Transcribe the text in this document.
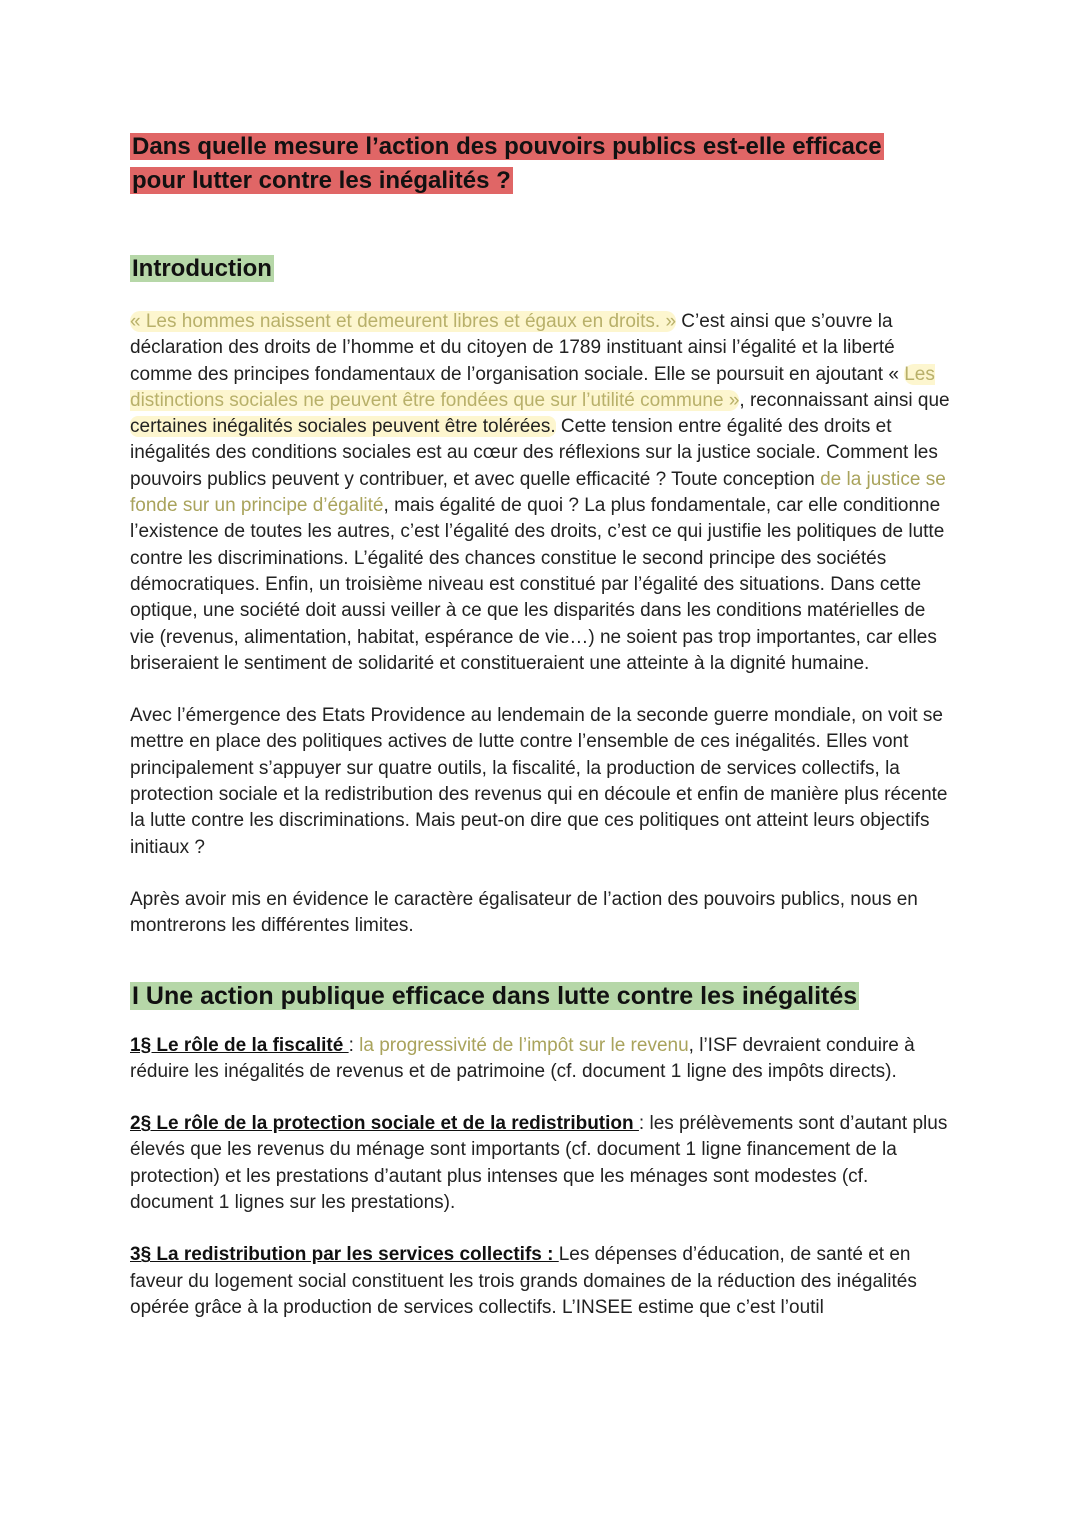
Dans quelle mesure l’action des pouvoirs publics est-elle efficace
pour lutter contre les inégalités ?
Introduction

« Les hommes naissent et demeurent libres et égaux en droits. » C’est ainsi que s’ouvre la déclaration des droits de l’homme et du citoyen de 1789 instituant ainsi l’égalité et la liberté comme des principes fondamentaux de l’organisation sociale. Elle se poursuit en ajoutant « Les distinctions sociales ne peuvent être fondées que sur l’utilité commune », reconnaissant ainsi que certaines inégalités sociales peuvent être tolérées. Cette tension entre égalité des droits et inégalités des conditions sociales est au cœur des réflexions sur la justice sociale. Comment les pouvoirs publics peuvent y contribuer, et avec quelle efficacité ? Toute conception de la justice se fonde sur un principe d’égalité, mais égalité de quoi ? La plus fondamentale, car elle conditionne l’existence de toutes les autres, c’est l’égalité des droits, c’est ce qui justifie les politiques de lutte contre les discriminations. L’égalité des chances constitue le second principe des sociétés démocratiques. Enfin, un troisième niveau est constitué par l’égalité des situations. Dans cette optique, une société doit aussi veiller à ce que les disparités dans les conditions matérielles de vie (revenus, alimentation, habitat, espérance de vie…) ne soient pas trop importantes, car elles briseraient le sentiment de solidarité et constitueraient une atteinte à la dignité humaine.

Avec l’émergence des Etats Providence au lendemain de la seconde guerre mondiale, on voit se mettre en place des politiques actives de lutte contre l’ensemble de ces inégalités. Elles vont principalement s’appuyer sur quatre outils, la fiscalité, la production de services collectifs, la protection sociale et la redistribution des revenus qui en découle et enfin de manière plus récente la lutte contre les discriminations. Mais peut-on dire que ces politiques ont atteint leurs objectifs initiaux ?

Après avoir mis en évidence le caractère égalisateur de l’action des pouvoirs publics, nous en montrerons les différentes limites.

I Une action publique efficace dans lutte contre les inégalités

1§ Le rôle de la fiscalité : la progressivité de l’impôt sur le revenu, l’ISF devraient conduire à réduire les inégalités de revenus et de patrimoine (cf. document 1 ligne des impôts directs).

2§ Le rôle de la protection sociale et de la redistribution : les prélèvements sont d’autant plus élevés que les revenus du ménage sont importants (cf. document 1 ligne financement de la protection) et les prestations d’autant plus intenses que les ménages sont modestes (cf. document 1 lignes sur les prestations).

3§ La redistribution par les services collectifs : Les dépenses d’éducation, de santé et en faveur du logement social constituent les trois grands domaines de la réduction des inégalités opérée grâce à la production de services collectifs. L’INSEE estime que c’est l’outil
